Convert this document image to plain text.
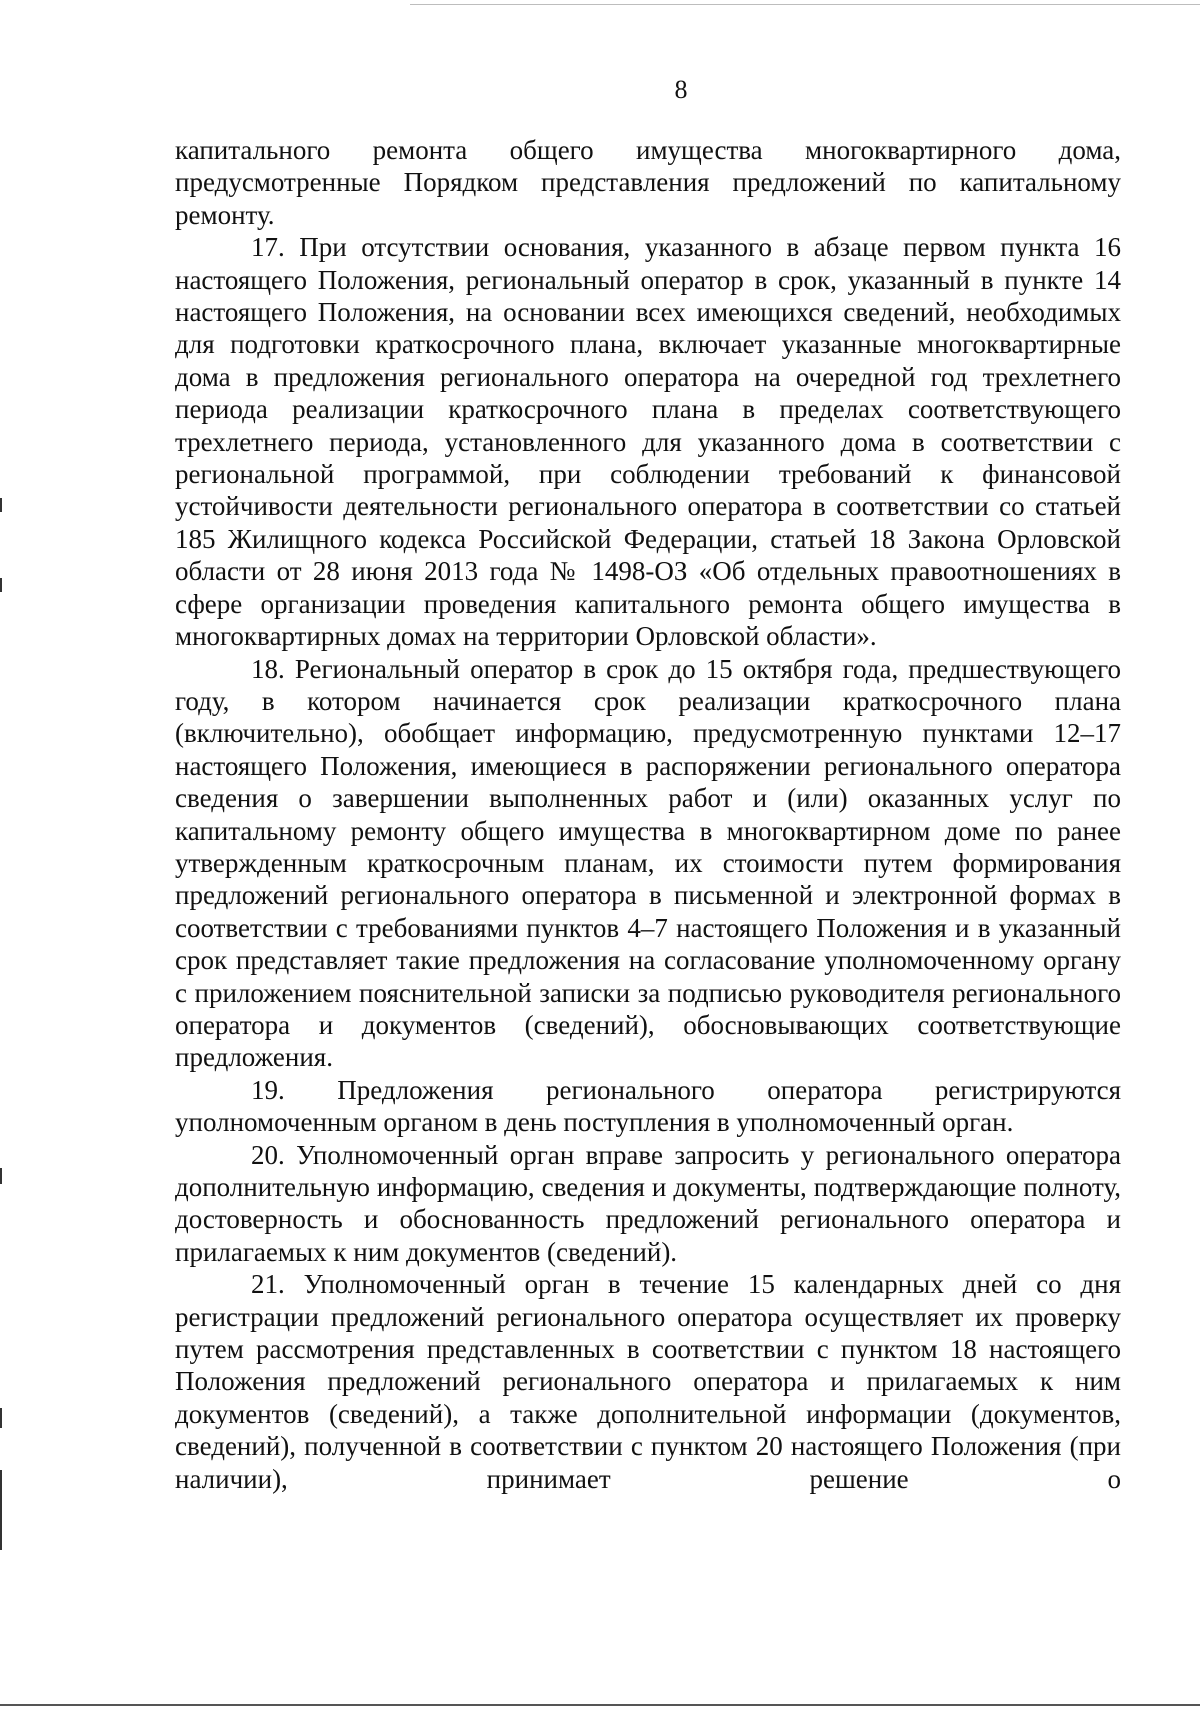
8

капитального ремонта общего имущества многоквартирного дома, предусмотренные Порядком представления предложений по капитальному ремонту.

17. При отсутствии основания, указанного в абзаце первом пункта 16 настоящего Положения, региональный оператор в срок, указанный в пункте 14 настоящего Положения, на основании всех имеющихся сведений, необходимых для подготовки краткосрочного плана, включает указанные многоквартирные дома в предложения регионального оператора на очередной год трехлетнего периода реализации краткосрочного плана в пределах соответствующего трехлетнего периода, установленного для указанного дома в соответствии с региональной программой, при соблюдении требований к финансовой устойчивости деятельности регионального оператора в соответствии со статьей 185 Жилищного кодекса Российской Федерации, статьей 18 Закона Орловской области от 28 июня 2013 года № 1498-ОЗ «Об отдельных правоотношениях в сфере организации проведения капитального ремонта общего имущества в многоквартирных домах на территории Орловской области».

18. Региональный оператор в срок до 15 октября года, предшествующего году, в котором начинается срок реализации краткосрочного плана (включительно), обобщает информацию, предусмотренную пунктами 12–17 настоящего Положения, имеющиеся в распоряжении регионального оператора сведения о завершении выполненных работ и (или) оказанных услуг по капитальному ремонту общего имущества в многоквартирном доме по ранее утвержденным краткосрочным планам, их стоимости путем формирования предложений регионального оператора в письменной и электронной формах в соответствии с требованиями пунктов 4–7 настоящего Положения и в указанный срок представляет такие предложения на согласование уполномоченному органу с приложением пояснительной записки за подписью руководителя регионального оператора и документов (сведений), обосновывающих соответствующие предложения.

19. Предложения регионального оператора регистрируются уполномоченным органом в день поступления в уполномоченный орган.

20. Уполномоченный орган вправе запросить у регионального оператора дополнительную информацию, сведения и документы, подтверждающие полноту, достоверность и обоснованность предложений регионального оператора и прилагаемых к ним документов (сведений).

21. Уполномоченный орган в течение 15 календарных дней со дня регистрации предложений регионального оператора осуществляет их проверку путем рассмотрения представленных в соответствии с пунктом 18 настоящего Положения предложений регионального оператора и прилагаемых к ним документов (сведений), а также дополнительной информации (документов, сведений), полученной в соответствии с пунктом 20 настоящего Положения (при наличии), принимает решение о
